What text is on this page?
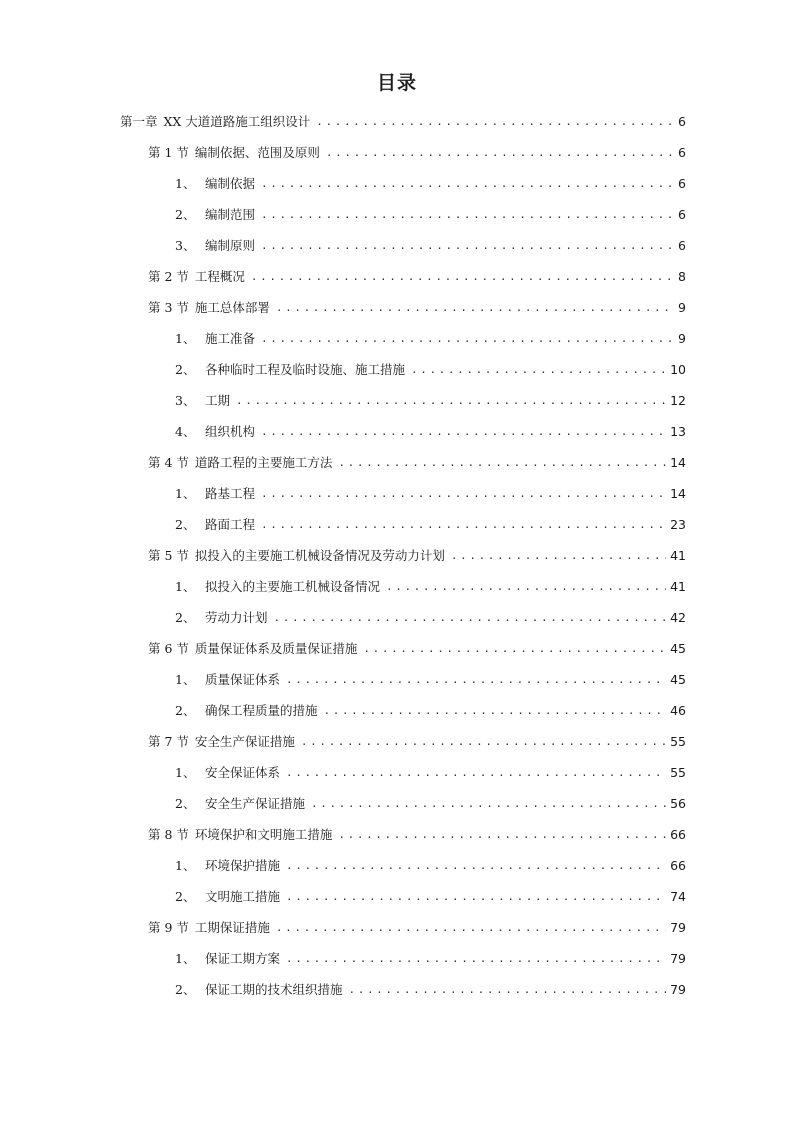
目录
第一章 XX 大道道路施工组织设计 .....	6
第 1 节 编制依据、范围及原则 .....	6
1、 编制依据 .....	6
2、 编制范围 .....	6
3、 编制原则 .....	6
第 2 节 工程概况 .....	8
第 3 节 施工总体部署 .....	9
1、 施工准备 .....	9
2、 各种临时工程及临时设施、施工措施 .....	10
3、 工期 .....	12
4、 组织机构 .....	13
第 4 节 道路工程的主要施工方法 .....	14
1、 路基工程 .....	14
2、 路面工程 .....	23
第 5 节 拟投入的主要施工机械设备情况及劳动力计划 .....	41
1、 拟投入的主要施工机械设备情况 .....	41
2、 劳动力计划 .....	42
第 6 节 质量保证体系及质量保证措施 .....	45
1、 质量保证体系 .....	45
2、 确保工程质量的措施 .....	46
第 7 节 安全生产保证措施 .....	55
1、 安全保证体系 .....	55
2、 安全生产保证措施 .....	56
第 8 节 环境保护和文明施工措施 .....	66
1、 环境保护措施 .....	66
2、 文明施工措施 .....	74
第 9 节 工期保证措施 .....	79
1、 保证工期方案 .....	79
2、 保证工期的技术组织措施 .....	79
